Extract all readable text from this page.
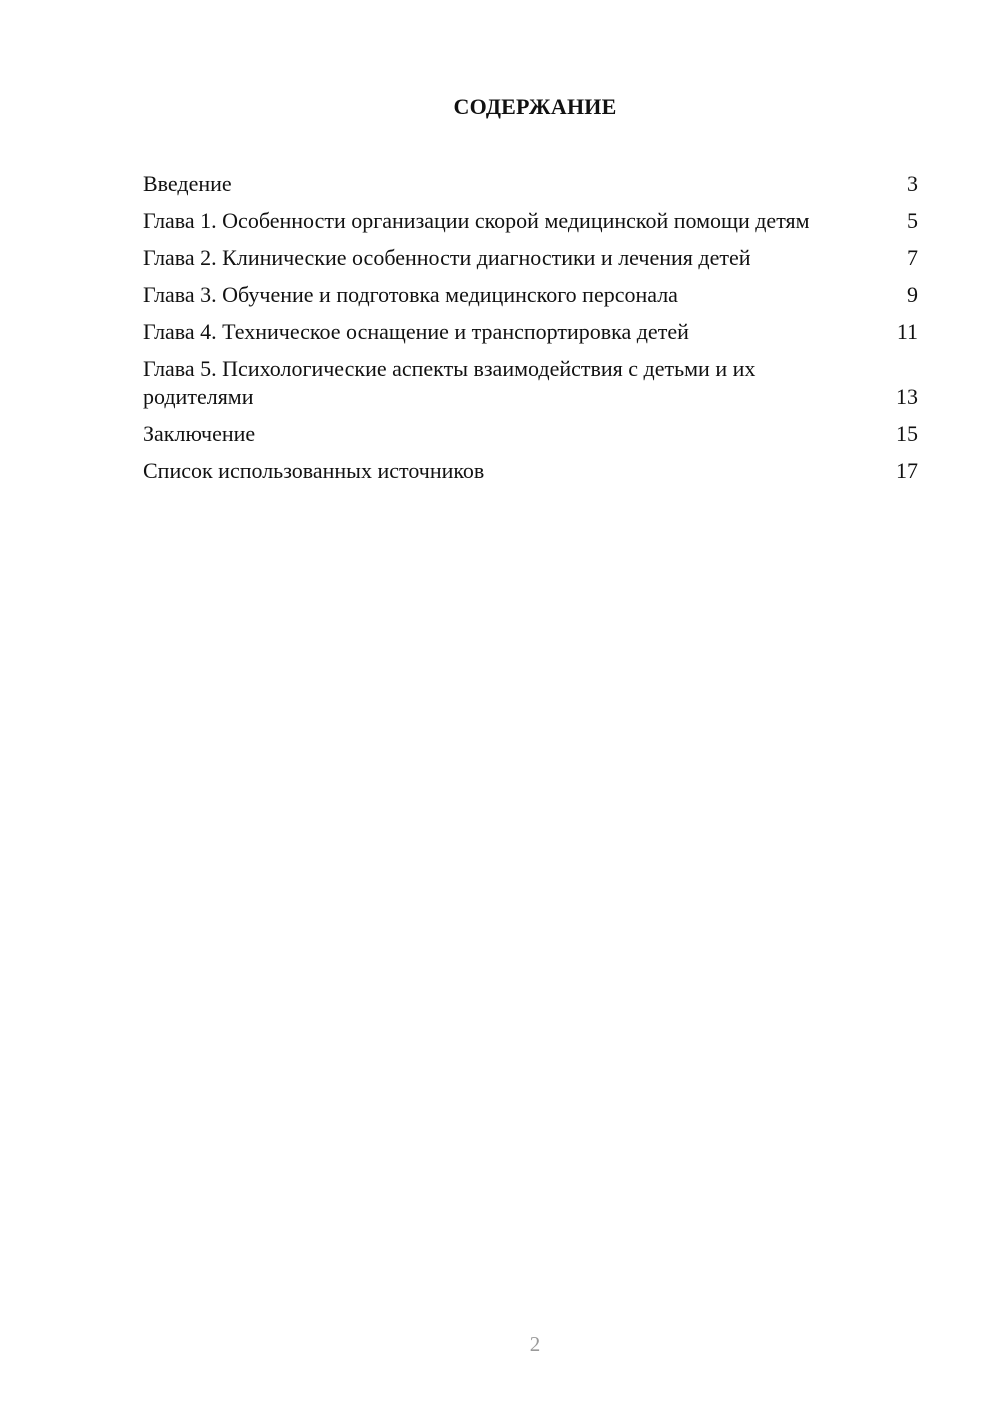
СОДЕРЖАНИЕ
Введение	3
Глава 1. Особенности организации скорой медицинской помощи детям	5
Глава 2. Клинические особенности диагностики и лечения детей	7
Глава 3. Обучение и подготовка медицинского персонала	9
Глава 4. Техническое оснащение и транспортировка детей	11
Глава 5. Психологические аспекты взаимодействия с детьми и их родителями	13
Заключение	15
Список использованных источников	17
2
